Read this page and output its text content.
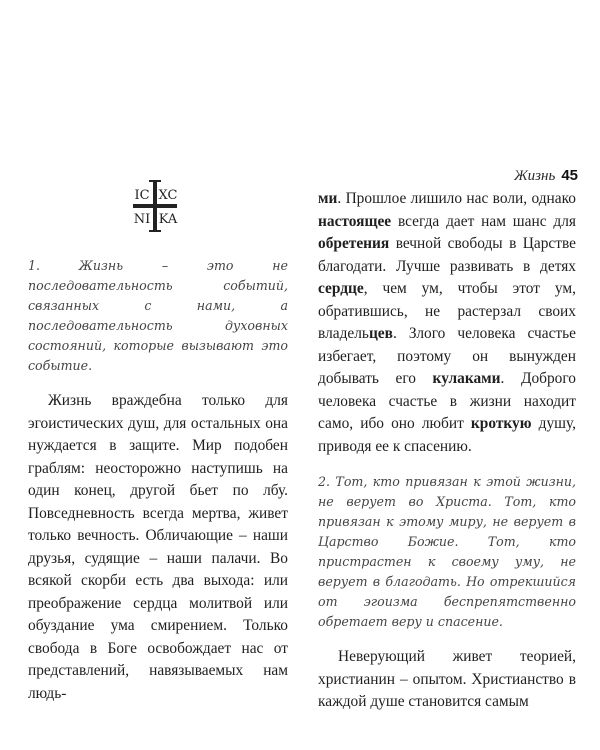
Жизнь 45
IC XC
NI KA

1. Жизнь – это не последовательность событий, связанных с нами, а последовательность духовных состояний, которые вызывают это событие.

Жизнь враждебна только для эгоистических душ, для остальных она нуждается в защите. Мир подобен граблям: неосторожно наступишь на один конец, другой бьет по лбу. Повседневность всегда мертва, живет только вечность. Обличающие – наши друзья, судящие – наши палачи. Во всякой скорби есть два выхода: или преображение сердца молитвой или обуздание ума смирением. Только свобода в Боге освобождает нас от представлений, навязываемых нам людь-

ми. Прошлое лишило нас воли, однако настоящее всегда дает нам шанс для обретения вечной свободы в Царстве благодати. Лучше развивать в детях сердце, чем ум, чтобы этот ум, обратившись, не растерзал своих владельцев. Злого человека счастье избегает, поэтому он вынужден добывать его кулаками. Доброго человека счастье в жизни находит само, ибо оно любит кроткую душу, приводя ее к спасению.

2. Тот, кто привязан к этой жизни, не верует во Христа. Тот, кто привязан к этому миру, не верует в Царство Божие. Тот, кто пристрастен к своему уму, не верует в благодать. Но отрекшийся от эгоизма беспрепятственно обретает веру и спасение.

Неверующий живет теорией, христианин – опытом. Христианство в каждой душе становится самым
